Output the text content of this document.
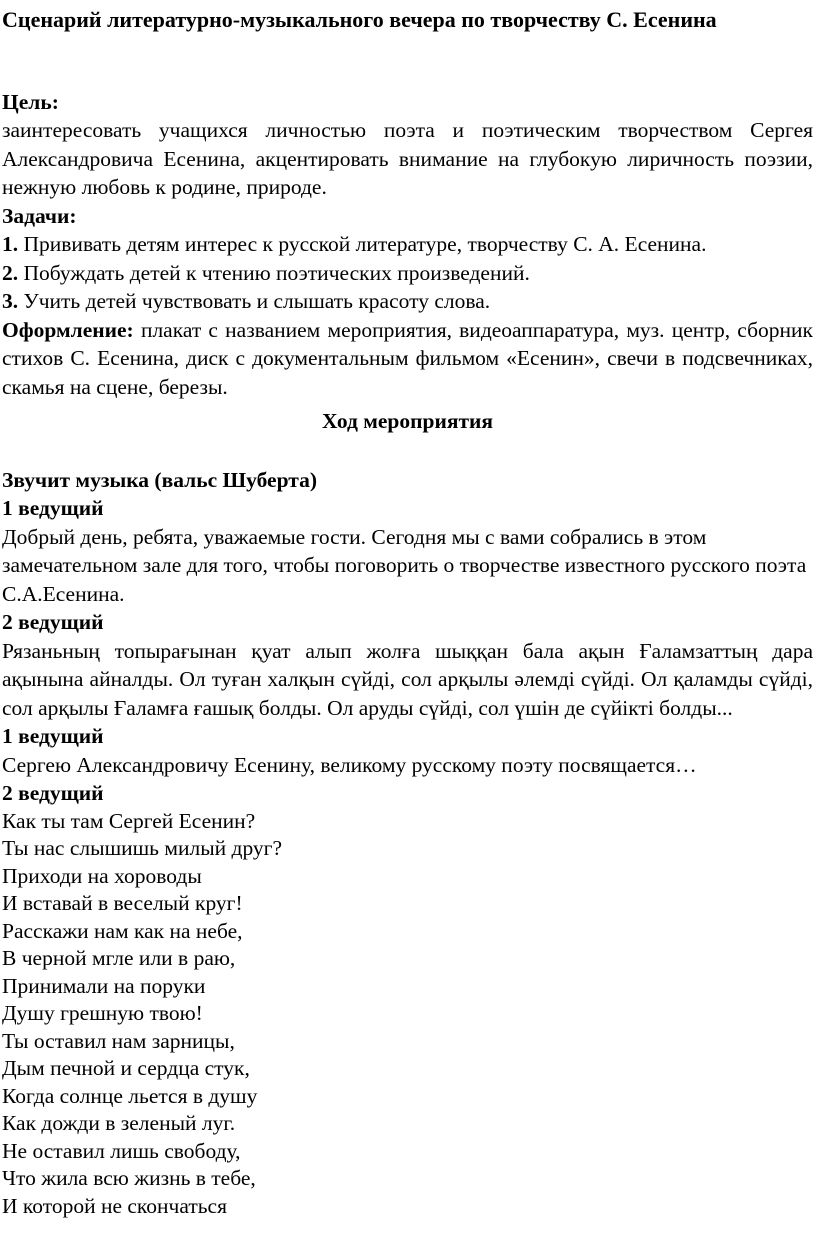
Сценарий литературно-музыкального вечера по творчеству С. Есенина

Цель:

заинтересовать учащихся личностью поэта и поэтическим творчеством Сергея Александровича Есенина, акцентировать внимание на глубокую лиричность поэзии, нежную любовь к родине, природе.

Задачи:

1. Прививать детям интерес к русской литературе, творчеству С. А. Есенина.

2. Побуждать детей к чтению поэтических произведений.

3. Учить детей чувствовать и слышать красоту слова.

Оформление: плакат с названием мероприятия, видеоаппаратура, муз. центр, сборник стихов С. Есенина, диск с документальным фильмом «Есенин», свечи в подсвечниках, скамья на сцене, березы.

Ход мероприятия

Звучит музыка (вальс Шуберта)

1 ведущий

Добрый день, ребята, уважаемые гости. Сегодня мы с вами собрались в этом замечательном зале для того, чтобы поговорить о творчестве известного русского поэта С.А.Есенина.

2 ведущий

Рязаньның топырағынан қуат алып жолға шыққан бала ақын Ғаламзаттың дара ақынына айналды. Ол туған халқын сүйді, сол арқылы әлемді сүйді. Ол қаламды сүйді, сол арқылы Ғаламға ғашық болды. Ол аруды сүйді, сол үшін де сүйікті болды...

1 ведущий

Сергею Александровичу Есенину, великому русскому поэту посвящается…

2 ведущий

Как ты там Сергей Есенин?
Ты нас слышишь милый друг?
Приходи на хороводы
И вставай в веселый круг!
Расскажи нам как на небе,
В черной мгле или в раю,
Принимали на поруки
Душу грешную твою!
Ты оставил нам зарницы,
Дым печной и сердца стук,
Когда солнце льется в душу
Как дожди в зеленый луг.
Не оставил лишь свободу,
Что жила всю жизнь в тебе,
И которой не скончаться
